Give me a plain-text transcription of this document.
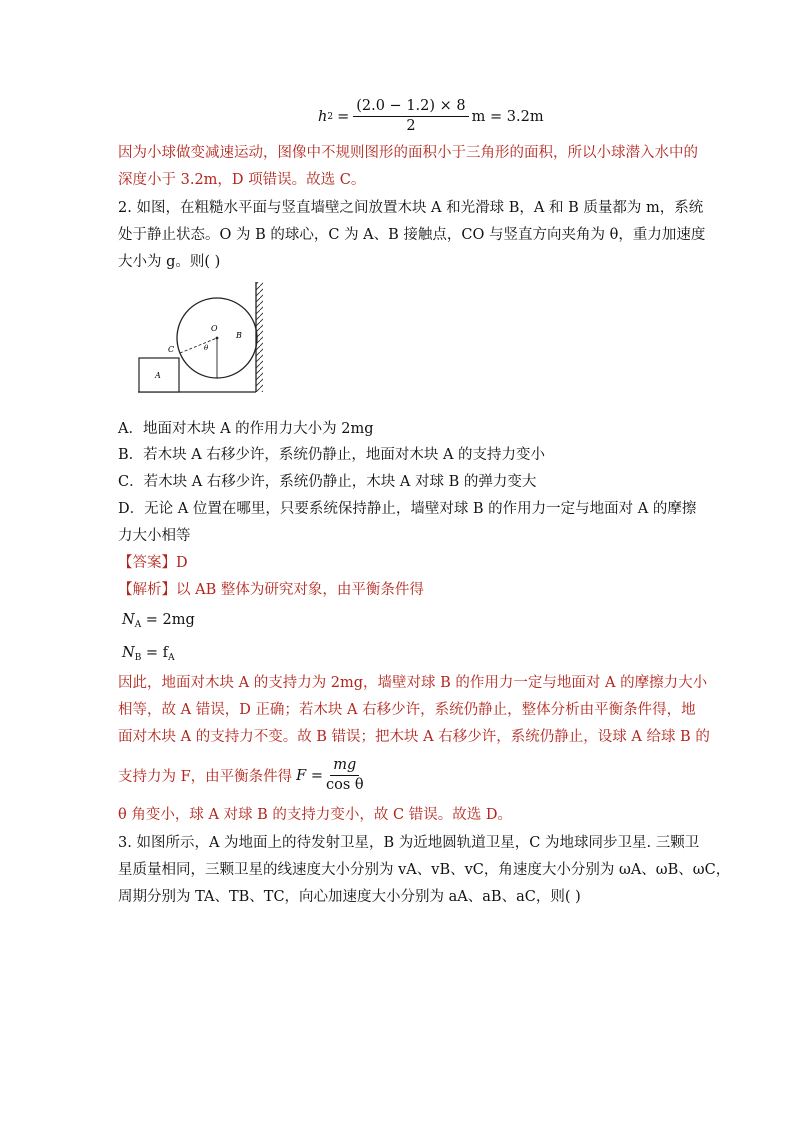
h $2 = \frac{(2.0 - 1.2) \times 8}{2}$ m = 3.2m
因为小球做变减速运动，图像中不规则图形的面积小于三角形的面积，所以小球潜入水中的
深度小于 3.2m，D 项错误。故选 C。
2. 如图，在粗糙水平面与竖直墙壁之间放置木块 A 和光滑球 B，A 和 B 质量都为 m，系统
处于静止状态。O 为 B 的球心，C 为 A、B 接触点，CO 与竖直方向夹角为 θ，重力加速度
大小为 g。则( )
O
B
C	θ
A
A．地面对木块 A 的作用力大小为 2mg
B．若木块 A 右移少许，系统仍静止，地面对木块 A 的支持力变小
C．若木块 A 右移少许，系统仍静止，木块 A 对球 B 的弹力变大
D．无论 A 位置在哪里，只要系统保持静止，墙壁对球 B 的作用力一定与地面对 A 的摩擦
力大小相等
【答案】D
【解析】以 AB 整体为研究对象，由平衡条件得
$N_A = 2mg$
$N_B = f_A$
因此，地面对木块 A 的支持力为 2mg，墙壁对球 B 的作用力一定与地面对 A 的摩擦力大小
相等，故 A 错误，D 正确；若木块 A 右移少许，系统仍静止，整体分析由平衡条件得，地
面对木块 A 的支持力不变。故 B 错误；把木块 A 右移少许，系统仍静止，设球 A 给球 B 的
支持力为 F，由平衡条件得 $F = \frac{mg}{\text{cos θ}}$
θ 角变小，球 A 对球 B 的支持力变小，故 C 错误。故选 D。
3. 如图所示，A 为地面上的待发射卫星，B 为近地圆轨道卫星，C 为地球同步卫星. 三颗卫
星质量相同，三颗卫星的线速度大小分别为 vA、vB、vC，角速度大小分别为 ωA、ωB、ωC，
周期分别为 TA、TB、TC，向心加速度大小分别为 aA、aB、aC，则( )
